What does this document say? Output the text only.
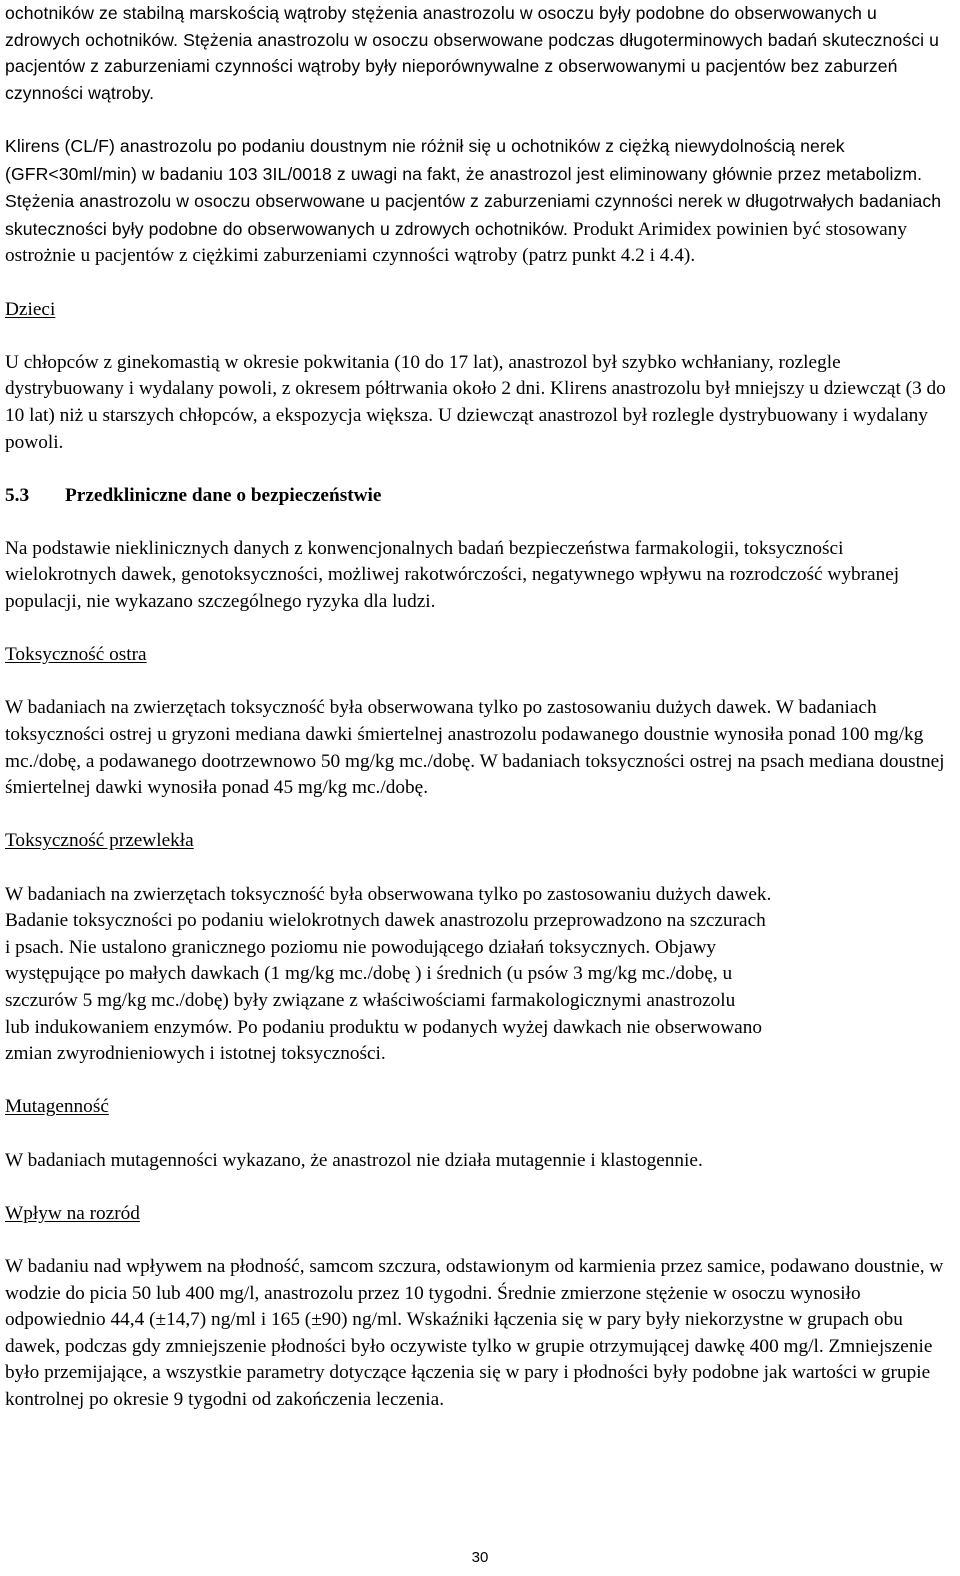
ochotników ze stabilną marskością wątroby stężenia anastrozolu w osoczu były podobne do obserwowanych u zdrowych ochotników. Stężenia anastrozolu w osoczu obserwowane podczas długoterminowych badań skuteczności u pacjentów z zaburzeniami czynności wątroby były nieporównywalne z obserwowanymi u pacjentów bez zaburzeń czynności wątroby.

Klirens (CL/F) anastrozolu po podaniu doustnym nie różnił się u ochotników z ciężką niewydolnością nerek (GFR<30ml/min) w badaniu 103 3IL/0018 z uwagi na fakt, że anastrozol jest eliminowany głównie przez metabolizm. Stężenia anastrozolu w osoczu obserwowane u pacjentów z zaburzeniami czynności nerek w długotrwałych badaniach skuteczności były podobne do obserwowanych u zdrowych ochotników. Produkt Arimidex powinien być stosowany ostrożnie u pacjentów z ciężkimi zaburzeniami czynności wątroby (patrz punkt 4.2 i 4.4).

Dzieci

U chłopców z ginekomastią w okresie pokwitania (10 do 17 lat), anastrozol był szybko wchłaniany, rozlegle dystrybuowany i wydalany powoli, z okresem półtrwania około 2 dni. Klirens anastrozolu był mniejszy u dziewcząt (3 do 10 lat) niż u starszych chłopców, a ekspozycja większa. U dziewcząt anastrozol był rozlegle dystrybuowany i wydalany powoli.

5.3	Przedkliniczne dane o bezpieczeństwie

Na podstawie nieklinicznych danych z konwencjonalnych badań bezpieczeństwa farmakologii, toksyczności wielokrotnych dawek, genotoksyczności, możliwej rakotwórczości, negatywnego wpływu na rozrodczość wybranej populacji, nie wykazano szczególnego ryzyka dla ludzi.

Toksyczność ostra

W badaniach na zwierzętach toksyczność była obserwowana tylko po zastosowaniu dużych dawek. W badaniach toksyczności ostrej u gryzoni mediana dawki śmiertelnej anastrozolu podawanego doustnie wynosiła ponad 100 mg/kg mc./dobę, a podawanego dootrzewnowo 50 mg/kg mc./dobę. W badaniach toksyczności ostrej na psach mediana doustnej śmiertelnej dawki wynosiła ponad 45 mg/kg mc./dobę.

Toksyczność przewlekła
W badaniach na zwierzętach toksyczność była obserwowana tylko po zastosowaniu dużych dawek.
Badanie toksyczności po podaniu wielokrotnych dawek anastrozolu przeprowadzono na szczurach
i psach. Nie ustalono granicznego poziomu nie powodującego działań toksycznych. Objawy
występujące po małych dawkach (1 mg/kg mc./dobę ) i średnich (u psów 3 mg/kg mc./dobę, u
szczurów 5 mg/kg mc./dobę) były związane z właściwościami farmakologicznymi anastrozolu
lub indukowaniem enzymów. Po podaniu produktu w podanych wyżej dawkach nie obserwowano
zmian zwyrodnieniowych i istotnej toksyczności.
Mutagenność

W badaniach mutagenności wykazano, że anastrozol nie działa mutagennie i klastogennie.

Wpływ na rozród

W badaniu nad wpływem na płodność, samcom szczura, odstawionym od karmienia przez samice, podawano doustnie, w wodzie do picia 50 lub 400 mg/l, anastrozolu przez 10 tygodni. Średnie zmierzone stężenie w osoczu wynosiło odpowiednio 44,4 (±14,7) ng/ml i 165 (±90) ng/ml. Wskaźniki łączenia się w pary były niekorzystne w grupach obu dawek, podczas gdy zmniejszenie płodności było oczywiste tylko w grupie otrzymującej dawkę 400 mg/l. Zmniejszenie było przemijające, a wszystkie parametry dotyczące łączenia się w pary i płodności były podobne jak wartości w grupie kontrolnej po okresie 9 tygodni od zakończenia leczenia.

30
